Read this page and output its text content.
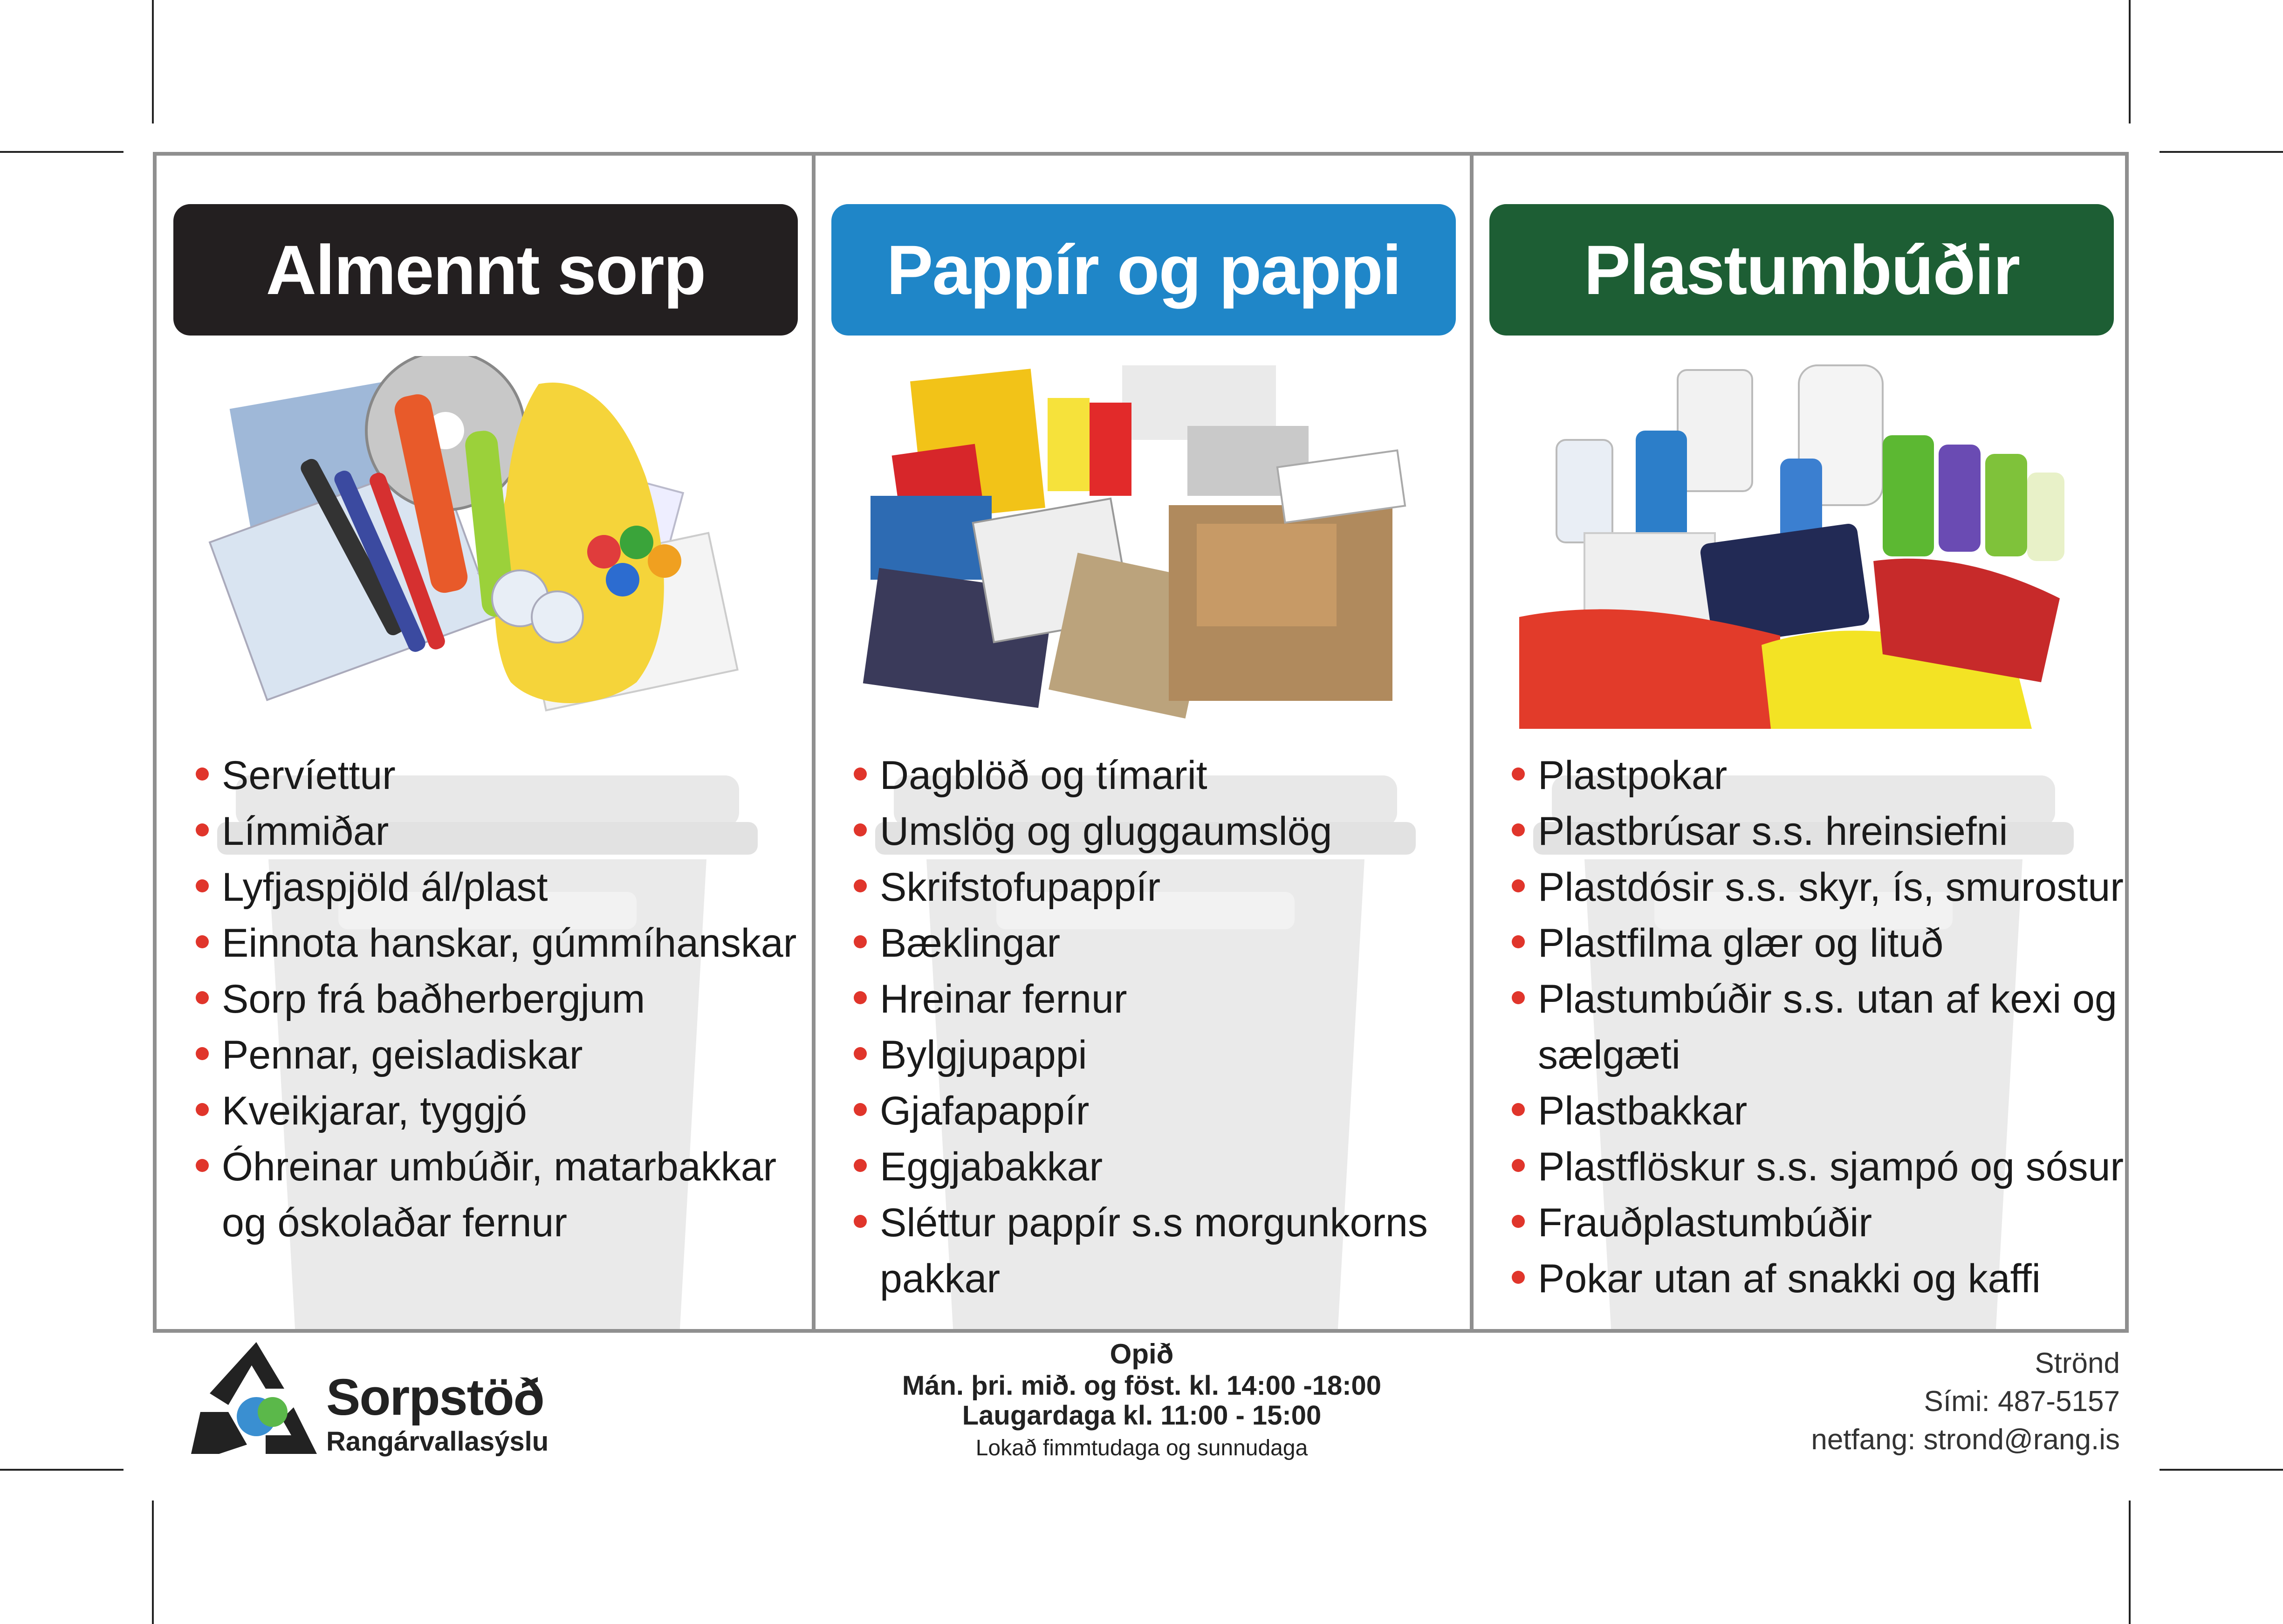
Almennt sorp
Servíettur
Límmiðar
Lyfjaspjöld ál/plast
Einnota hanskar, gúmmíhanskar
Sorp frá baðherbergjum
Pennar, geisladiskar
Kveikjarar, tyggjó
Óhreinar umbúðir, matarbakkar og óskolaðar fernur
Pappír og pappi
Dagblöð og tímarit
Umslög og gluggaumslög
Skrifstofupappír
Bæklingar
Hreinar fernur
Bylgjupappi
Gjafapappír
Eggjabakkar
Sléttur pappír s.s morgunkorns pakkar
Plastumbúðir
Plastpokar
Plastbrúsar s.s. hreinsiefni
Plastdósir s.s. skyr, ís, smurostur
Plastfilma glær og lituð
Plastumbúðir s.s. utan af kexi og sælgæti
Plastbakkar
Plastflöskur s.s. sjampó og sósur
Frauðplastumbúðir
Pokar utan af snakki og kaffi
Sorpstöð
Rangárvallasýslu
Opið
Mán. þri. mið. og föst. kl. 14:00 -18:00
Laugardaga kl. 11:00 - 15:00
Lokað fimmtudaga og sunnudaga
Strönd
Sími: 487-5157
netfang: strond@rang.is
